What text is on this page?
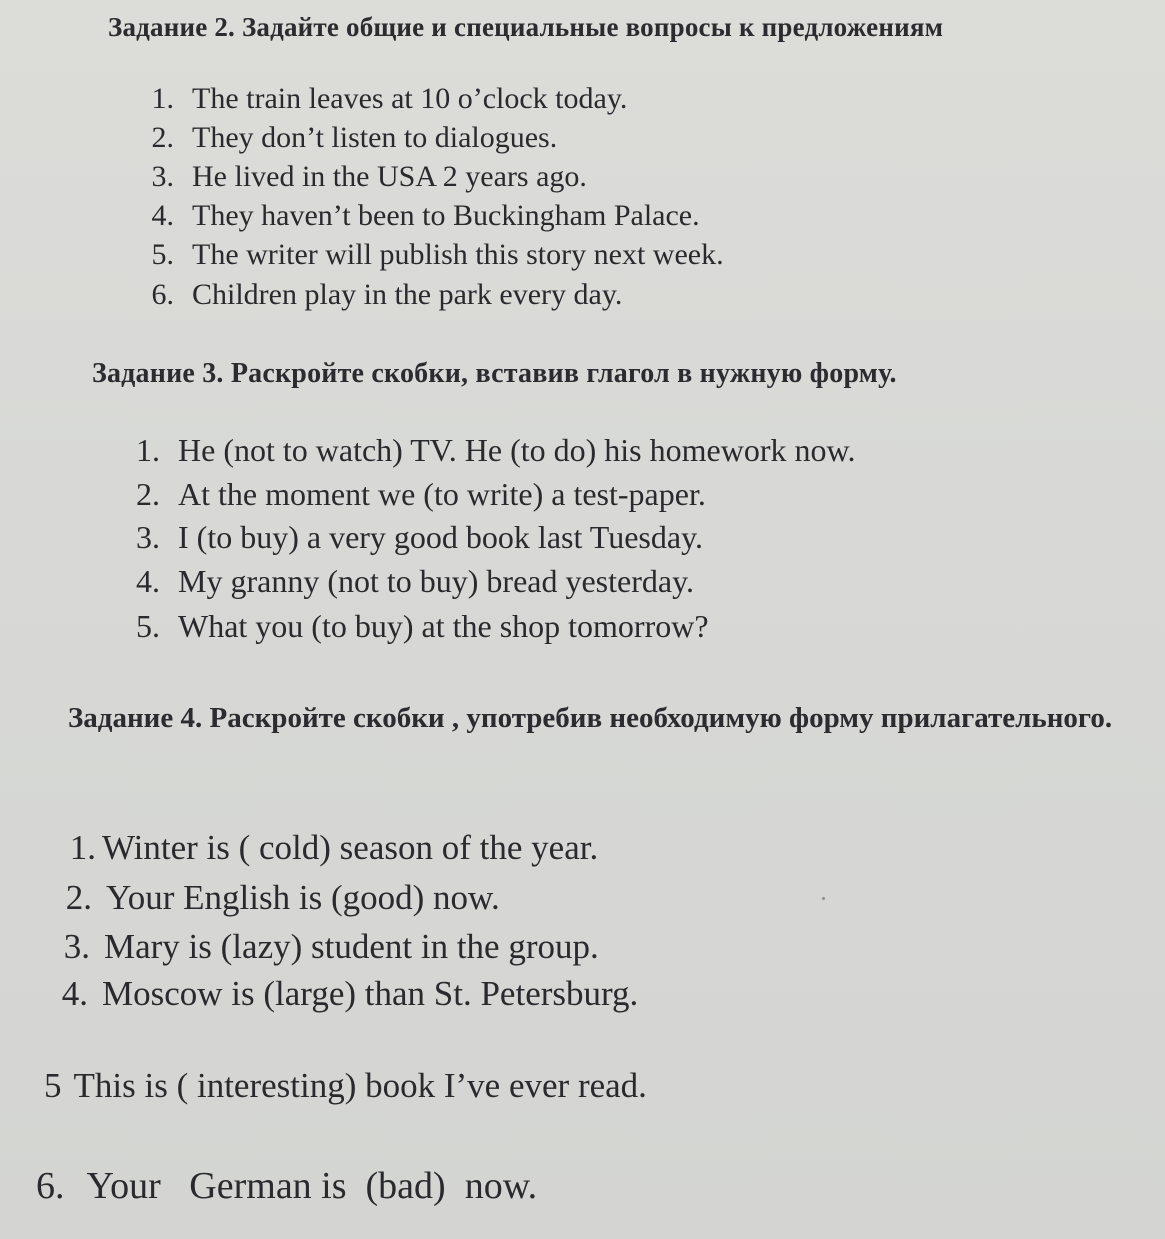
Задание 2. Задайте общие и специальные вопросы к предложениям
1. The train leaves at 10 o’clock today.
2. They don’t listen to dialogues.
3. He lived in the USA 2 years ago.
4. They haven’t been to Buckingham Palace.
5. The writer will publish this story next week.
6. Children play in the park every day.
Задание 3. Раскройте скобки, вставив глагол в нужную форму.
1. He (not to watch) TV. He (to do) his homework now.
2. At the moment we (to write) a test-paper.
3. I (to buy) a very good book last Tuesday.
4. My granny (not to buy) bread yesterday.
5. What you (to buy) at the shop tomorrow?
Задание 4. Раскройте скобки , употребив необходимую форму прилагательного.
1. Winter is ( cold) season of the year.
2. Your English is (good) now.
3. Mary is (lazy) student in the group.
4. Moscow is (large) than St. Petersburg.
5 This is ( interesting) book I’ve ever read.
6. Your   German is  (bad)  now.
